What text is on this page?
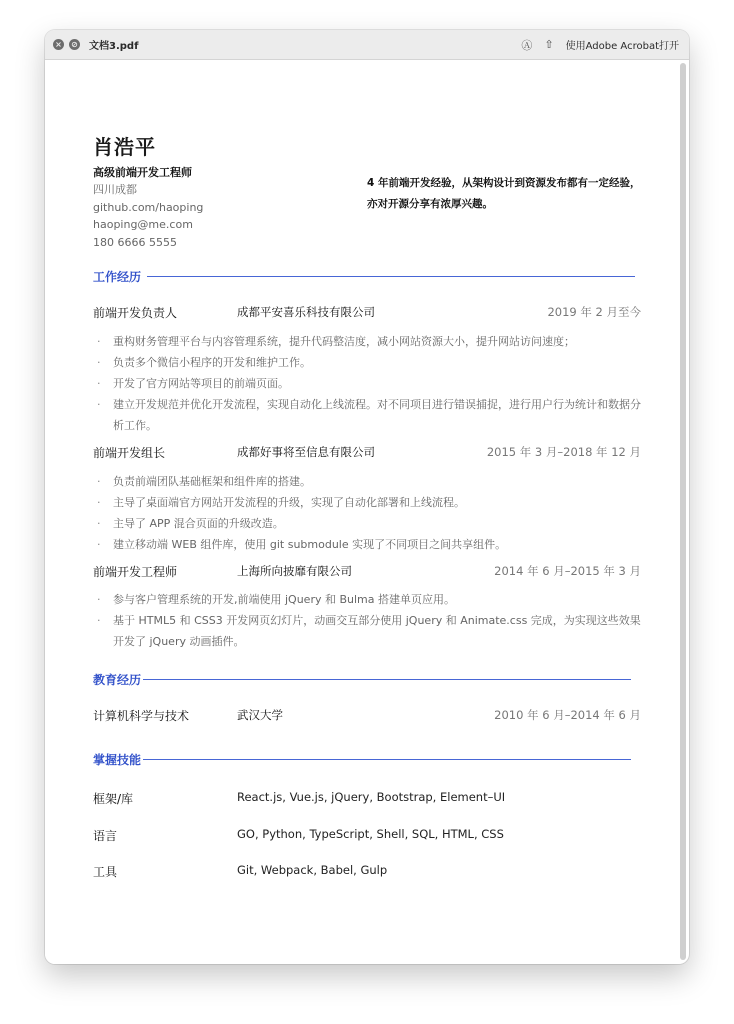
× ⊘ 文档3.pdf	Ⓐ ⇧ 使用Adobe Acrobat打开
肖浩平
高级前端开发工程师
四川成都
github.com/haoping
haoping@me.com
180 6666 5555
4 年前端开发经验，从架构设计到资源发布都有一定经验，亦对开源分享有浓厚兴趣。
工作经历
前端开发负责人	成都平安喜乐科技有限公司	2019 年 2 月至今
· 重构财务管理平台与内容管理系统，提升代码整洁度，减小网站资源大小，提升网站访问速度；
· 负责多个微信小程序的开发和维护工作。
· 开发了官方网站等项目的前端页面。
· 建立开发规范并优化开发流程，实现自动化上线流程。对不同项目进行错误捕捉，进行用户行为统计和数据分析工作。
前端开发组长	成都好事将至信息有限公司	2015 年 3 月–2018 年 12 月
· 负责前端团队基础框架和组件库的搭建。
· 主导了桌面端官方网站开发流程的升级，实现了自动化部署和上线流程。
· 主导了 APP 混合页面的升级改造。
· 建立移动端 WEB 组件库，使用 git submodule 实现了不同项目之间共享组件。
前端开发工程师	上海所向披靡有限公司	2014 年 6 月–2015 年 3 月
· 参与客户管理系统的开发,前端使用 jQuery 和 Bulma 搭建单页应用。
· 基于 HTML5 和 CSS3 开发网页幻灯片，动画交互部分使用 jQuery 和 Animate.css 完成，为实现这些效果开发了 jQuery 动画插件。
教育经历
计算机科学与技术	武汉大学	2010 年 6 月–2014 年 6 月
掌握技能
框架/库	React.js, Vue.js, jQuery, Bootstrap, Element–UI
语言	GO, Python, TypeScript, Shell, SQL, HTML, CSS
工具	Git, Webpack, Babel, Gulp
